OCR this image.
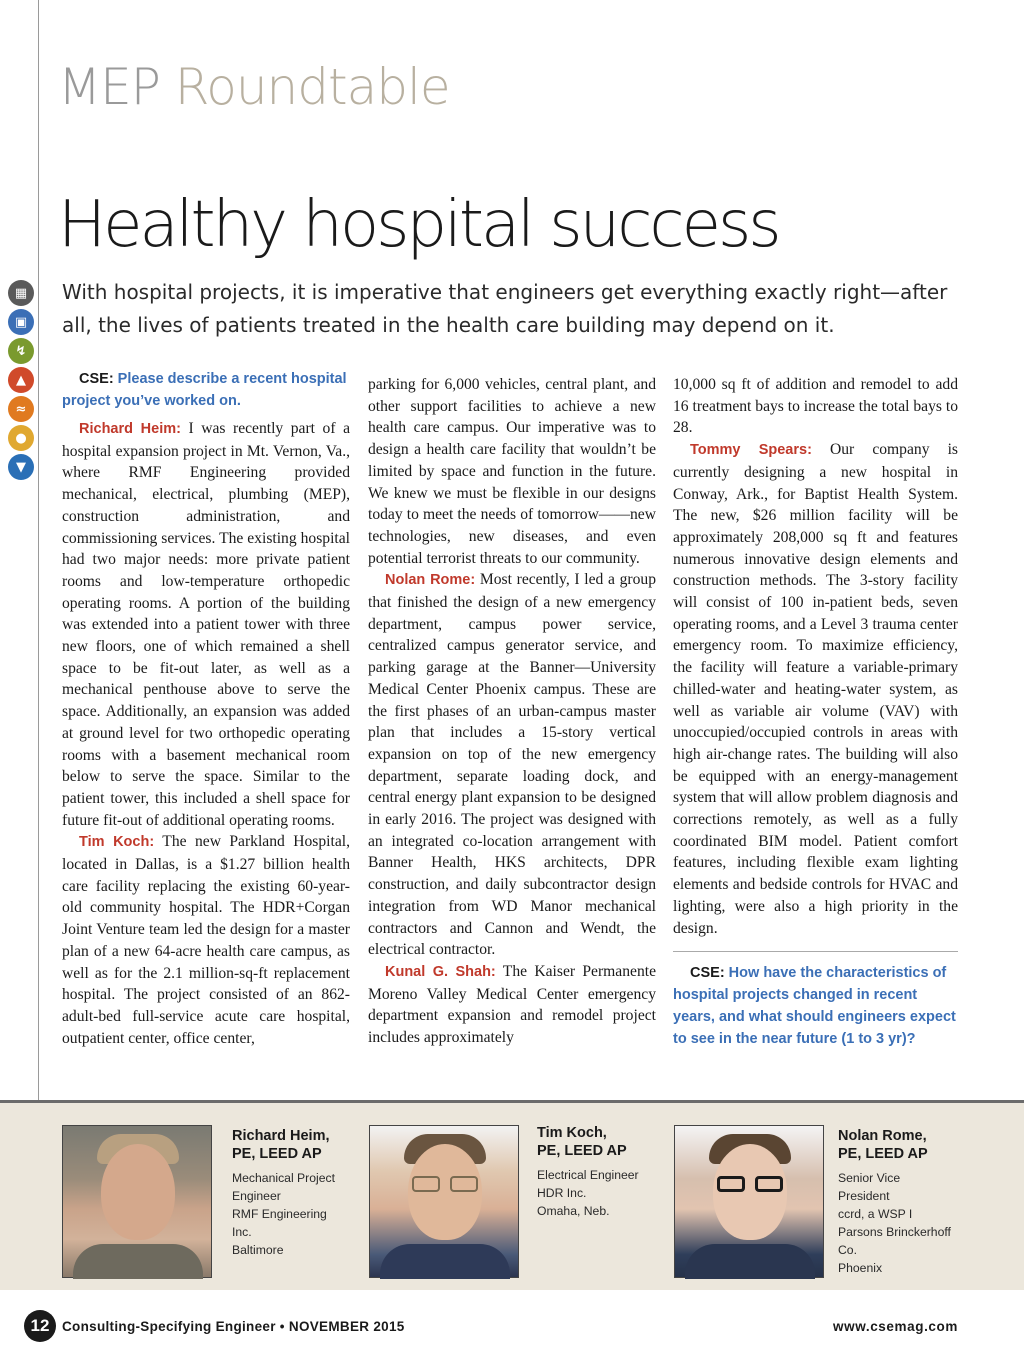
MEP Roundtable
Healthy hospital success
With hospital projects, it is imperative that engineers get everything exactly right—after all, the lives of patients treated in the health care building may depend on it.
▦
▣
↯
▲
≈
●
▼
CSE: Please describe a recent hospital project you’ve worked on.

Richard Heim: I was recently part of a hospital expansion project in Mt. Vernon, Va., where RMF Engineering provided mechanical, electrical, plumbing (MEP), construction administration, and commissioning services. The existing hospital had two major needs: more private patient rooms and low-temperature orthopedic operating rooms. A portion of the building was extended into a patient tower with three new floors, one of which remained a shell space to be fit-out later, as well as a mechanical penthouse above to serve the space. Additionally, an expansion was added at ground level for two orthopedic operating rooms with a basement mechanical room below to serve the space. Similar to the patient tower, this included a shell space for future fit-out of additional operating rooms.

Tim Koch: The new Parkland Hospital, located in Dallas, is a $1.27 billion health care facility replacing the existing 60-year-old community hospital. The HDR+Corgan Joint Venture team led the design for a master plan of a new 64-acre health care campus, as well as for the 2.1 million-sq-ft replacement hospital. The project consisted of an 862-adult-bed full-service acute care hospital, outpatient center, office center,

parking for 6,000 vehicles, central plant, and other support facilities to achieve a new health care campus. Our imperative was to design a health care facility that wouldn’t be limited by space and function in the future. We knew we must be flexible in our designs today to meet the needs of tomorrow——new technologies, new diseases, and even potential terrorist threats to our community.

Nolan Rome: Most recently, I led a group that finished the design of a new emergency department, campus power service, centralized campus generator service, and parking garage at the Banner—University Medical Center Phoenix campus. These are the first phases of an urban-campus master plan that includes a 15-story vertical expansion on top of the new emergency department, separate loading dock, and central energy plant expansion to be designed in early 2016. The project was designed with an integrated co-location arrangement with Banner Health, HKS architects, DPR construction, and daily subcontractor design integration from WD Manor mechanical contractors and Cannon and Wendt, the electrical contractor.

Kunal G. Shah: The Kaiser Permanente Moreno Valley Medical Center emergency department expansion and remodel project includes approximately

10,000 sq ft of addition and remodel to add 16 treatment bays to increase the total bays to 28.

Tommy Spears: Our company is currently designing a new hospital in Conway, Ark., for Baptist Health System. The new, $26 million facility will be approximately 208,000 sq ft and features numerous innovative design elements and construction methods. The 3-story facility will consist of 100 in-patient beds, seven operating rooms, and a Level 3 trauma center emergency room. To maximize efficiency, the facility will feature a variable-primary chilled-water and heating-water system, as well as variable air volume (VAV) with unoccupied/occupied controls in areas with high air-change rates. The building will also be equipped with an energy-management system that will allow problem diagnosis and corrections remotely, as well as a fully coordinated BIM model. Patient comfort features, including flexible exam lighting elements and bedside controls for HVAC and lighting, were also a high priority in the design.

CSE: How have the characteristics of hospital projects changed in recent years, and what should engineers expect to see in the near future (1 to 3 yr)?
Richard Heim,
PE, LEED AP
Mechanical Project
Engineer
RMF Engineering
Inc.
Baltimore
Tim Koch,
PE, LEED AP
Electrical Engineer
HDR Inc.
Omaha, Neb.
Nolan Rome,
PE, LEED AP
Senior Vice
President
ccrd, a WSP I
Parsons Brinckerhoff
Co.
Phoenix
12 Consulting-Specifying Engineer • NOVEMBER 2015	www.csemag.com
